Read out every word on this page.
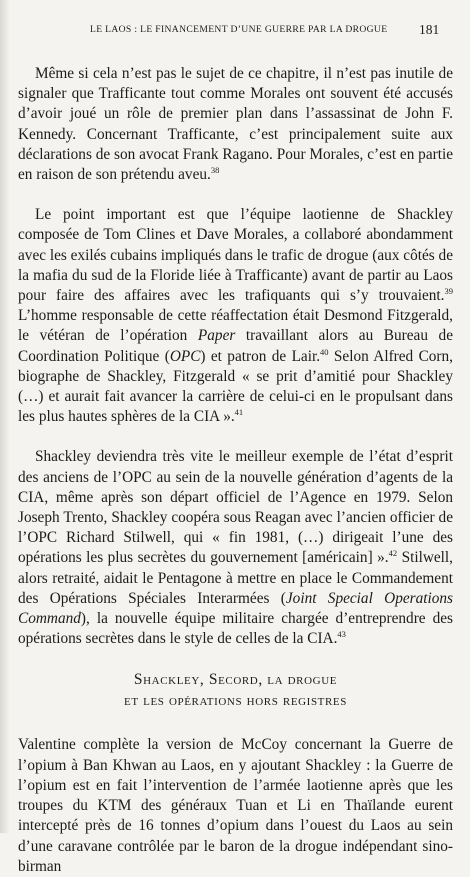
LE LAOS : LE FINANCEMENT D’UNE GUERRE PAR LA DROGUE 181

Même si cela n’est pas le sujet de ce chapitre, il n’est pas inutile de signaler que Trafficante tout comme Morales ont souvent été accusés d’avoir joué un rôle de premier plan dans l’assassinat de John F. Kennedy. Concernant Trafficante, c’est principalement suite aux déclarations de son avocat Frank Ragano. Pour Morales, c’est en partie en raison de son prétendu aveu.$^{38}$

Le point important est que l’équipe laotienne de Shackley composée de Tom Clines et Dave Morales, a collaboré abondamment avec les exilés cubains impliqués dans le trafic de drogue (aux côtés de la mafia du sud de la Floride liée à Trafficante) avant de partir au Laos pour faire des affaires avec les trafiquants qui s’y trouvaient.$^{39}$ L’homme responsable de cette réaffectation était Desmond Fitzgerald, le vétéran de l’opération Paper travaillant alors au Bureau de Coordination Politique (OPC) et patron de Lair.$^{40}$ Selon Alfred Corn, biographe de Shackley, Fitzgerald « se prit d’amitié pour Shackley (…) et aurait fait avancer la carrière de celui-ci en le propulsant dans les plus hautes sphères de la CIA ».$^{41}$

Shackley deviendra très vite le meilleur exemple de l’état d’esprit des anciens de l’OPC au sein de la nouvelle génération d’agents de la CIA, même après son départ officiel de l’Agence en 1979. Selon Joseph Trento, Shackley coopéra sous Reagan avec l’ancien officier de l’OPC Richard Stilwell, qui « fin 1981, (…) dirigeait l’une des opérations les plus secrètes du gouvernement [américain] ».$^{42}$ Stilwell, alors retraité, aidait le Pentagone à mettre en place le Commandement des Opérations Spéciales Interarmées (Joint Special Operations Command), la nouvelle équipe militaire chargée d’entreprendre des opérations secrètes dans le style de celles de la CIA.$^{43}$

Shackley, Secord, la drogue
et les opérations hors registres

Valentine complète la version de McCoy concernant la Guerre de l’opium à Ban Khwan au Laos, en y ajoutant Shackley : la Guerre de l’opium est en fait l’intervention de l’armée laotienne après que les troupes du KTM des généraux Tuan et Li en Thaïlande eurent intercepté près de 16 tonnes d’opium dans l’ouest du Laos au sein d’une caravane contrôlée par le baron de la drogue indépendant sino-birman
